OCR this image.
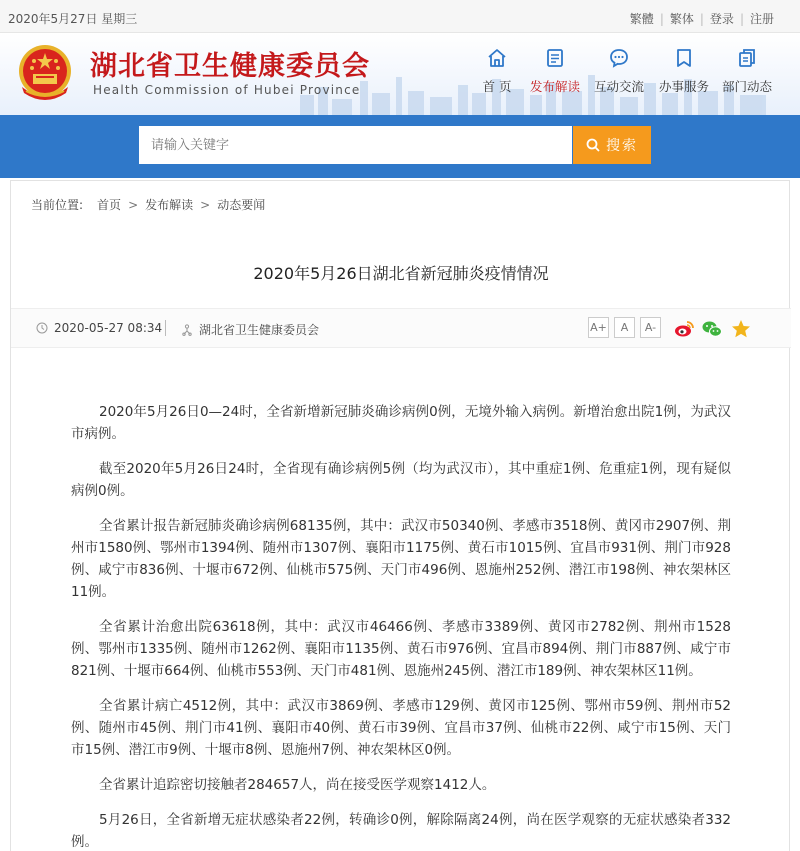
2020年5月27日 星期三	繁體 | 繁体 | 登录 | 注册
湖北省卫生健康委员会
Health Commission of Hubei Province	首 页	发布解读	互动交流	办事服务	部门动态
请输入关键字
搜索
当前位置: 首页 > 发布解读 > 动态要闻
2020年5月26日湖北省新冠肺炎疫情情况
2020-05-27 08:34	湖北省卫生健康委员会	A+	A	A-

2020年5月26日0—24时，全省新增新冠肺炎确诊病例0例，无境外输入病例。新增治愈出院1例，为武汉市病例。

截至2020年5月26日24时，全省现有确诊病例5例（均为武汉市），其中重症1例、危重症1例，现有疑似病例0例。

全省累计报告新冠肺炎确诊病例68135例，其中：武汉市50340例、孝感市3518例、黄冈市2907例、荆州市1580例、鄂州市1394例、随州市1307例、襄阳市1175例、黄石市1015例、宜昌市931例、荆门市928例、咸宁市836例、十堰市672例、仙桃市575例、天门市496例、恩施州252例、潜江市198例、神农架林区11例。

全省累计治愈出院63618例，其中：武汉市46466例、孝感市3389例、黄冈市2782例、荆州市1528例、鄂州市1335例、随州市1262例、襄阳市1135例、黄石市976例、宜昌市894例、荆门市887例、咸宁市821例、十堰市664例、仙桃市553例、天门市481例、恩施州245例、潜江市189例、神农架林区11例。

全省累计病亡4512例，其中：武汉市3869例、孝感市129例、黄冈市125例、鄂州市59例、荆州市52例、随州市45例、荆门市41例、襄阳市40例、黄石市39例、宜昌市37例、仙桃市22例、咸宁市15例、天门市15例、潜江市9例、十堰市8例、恩施州7例、神农架林区0例。

全省累计追踪密切接触者284657人，尚在接受医学观察1412人。

5月26日，全省新增无症状感染者22例，转确诊0例，解除隔离24例，尚在医学观察的无症状感染者332例。
